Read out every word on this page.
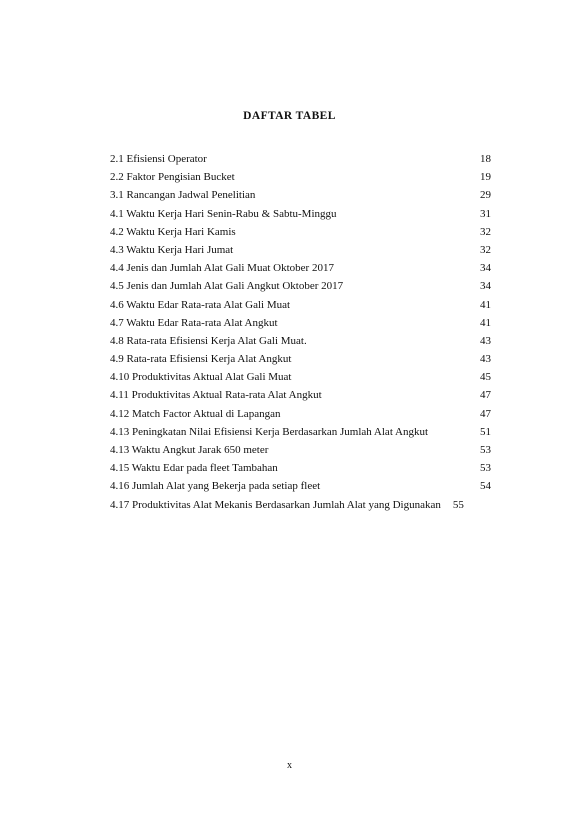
DAFTAR TABEL
2.1 Efisiensi Operator	18
2.2 Faktor Pengisian Bucket	19
3.1 Rancangan Jadwal Penelitian	29
4.1 Waktu Kerja Hari Senin-Rabu & Sabtu-Minggu	31
4.2 Waktu Kerja Hari Kamis	32
4.3 Waktu Kerja Hari Jumat	32
4.4 Jenis dan Jumlah Alat Gali Muat Oktober 2017	34
4.5 Jenis dan Jumlah Alat Gali Angkut Oktober 2017	34
4.6 Waktu Edar Rata-rata Alat Gali Muat	41
4.7 Waktu Edar Rata-rata Alat Angkut	41
4.8 Rata-rata Efisiensi Kerja Alat Gali Muat.	43
4.9 Rata-rata Efisiensi Kerja Alat Angkut	43
4.10 Produktivitas Aktual Alat Gali Muat	45
4.11 Produktivitas Aktual Rata-rata Alat Angkut	47
4.12 Match Factor Aktual di Lapangan	47
4.13 Peningkatan Nilai Efisiensi Kerja Berdasarkan Jumlah Alat Angkut	51
4.13 Waktu Angkut Jarak 650 meter	53
4.15 Waktu Edar pada fleet Tambahan	53
4.16 Jumlah Alat yang Bekerja pada setiap fleet	54
4.17 Produktivitas Alat Mekanis Berdasarkan Jumlah Alat yang Digunakan 55
x
